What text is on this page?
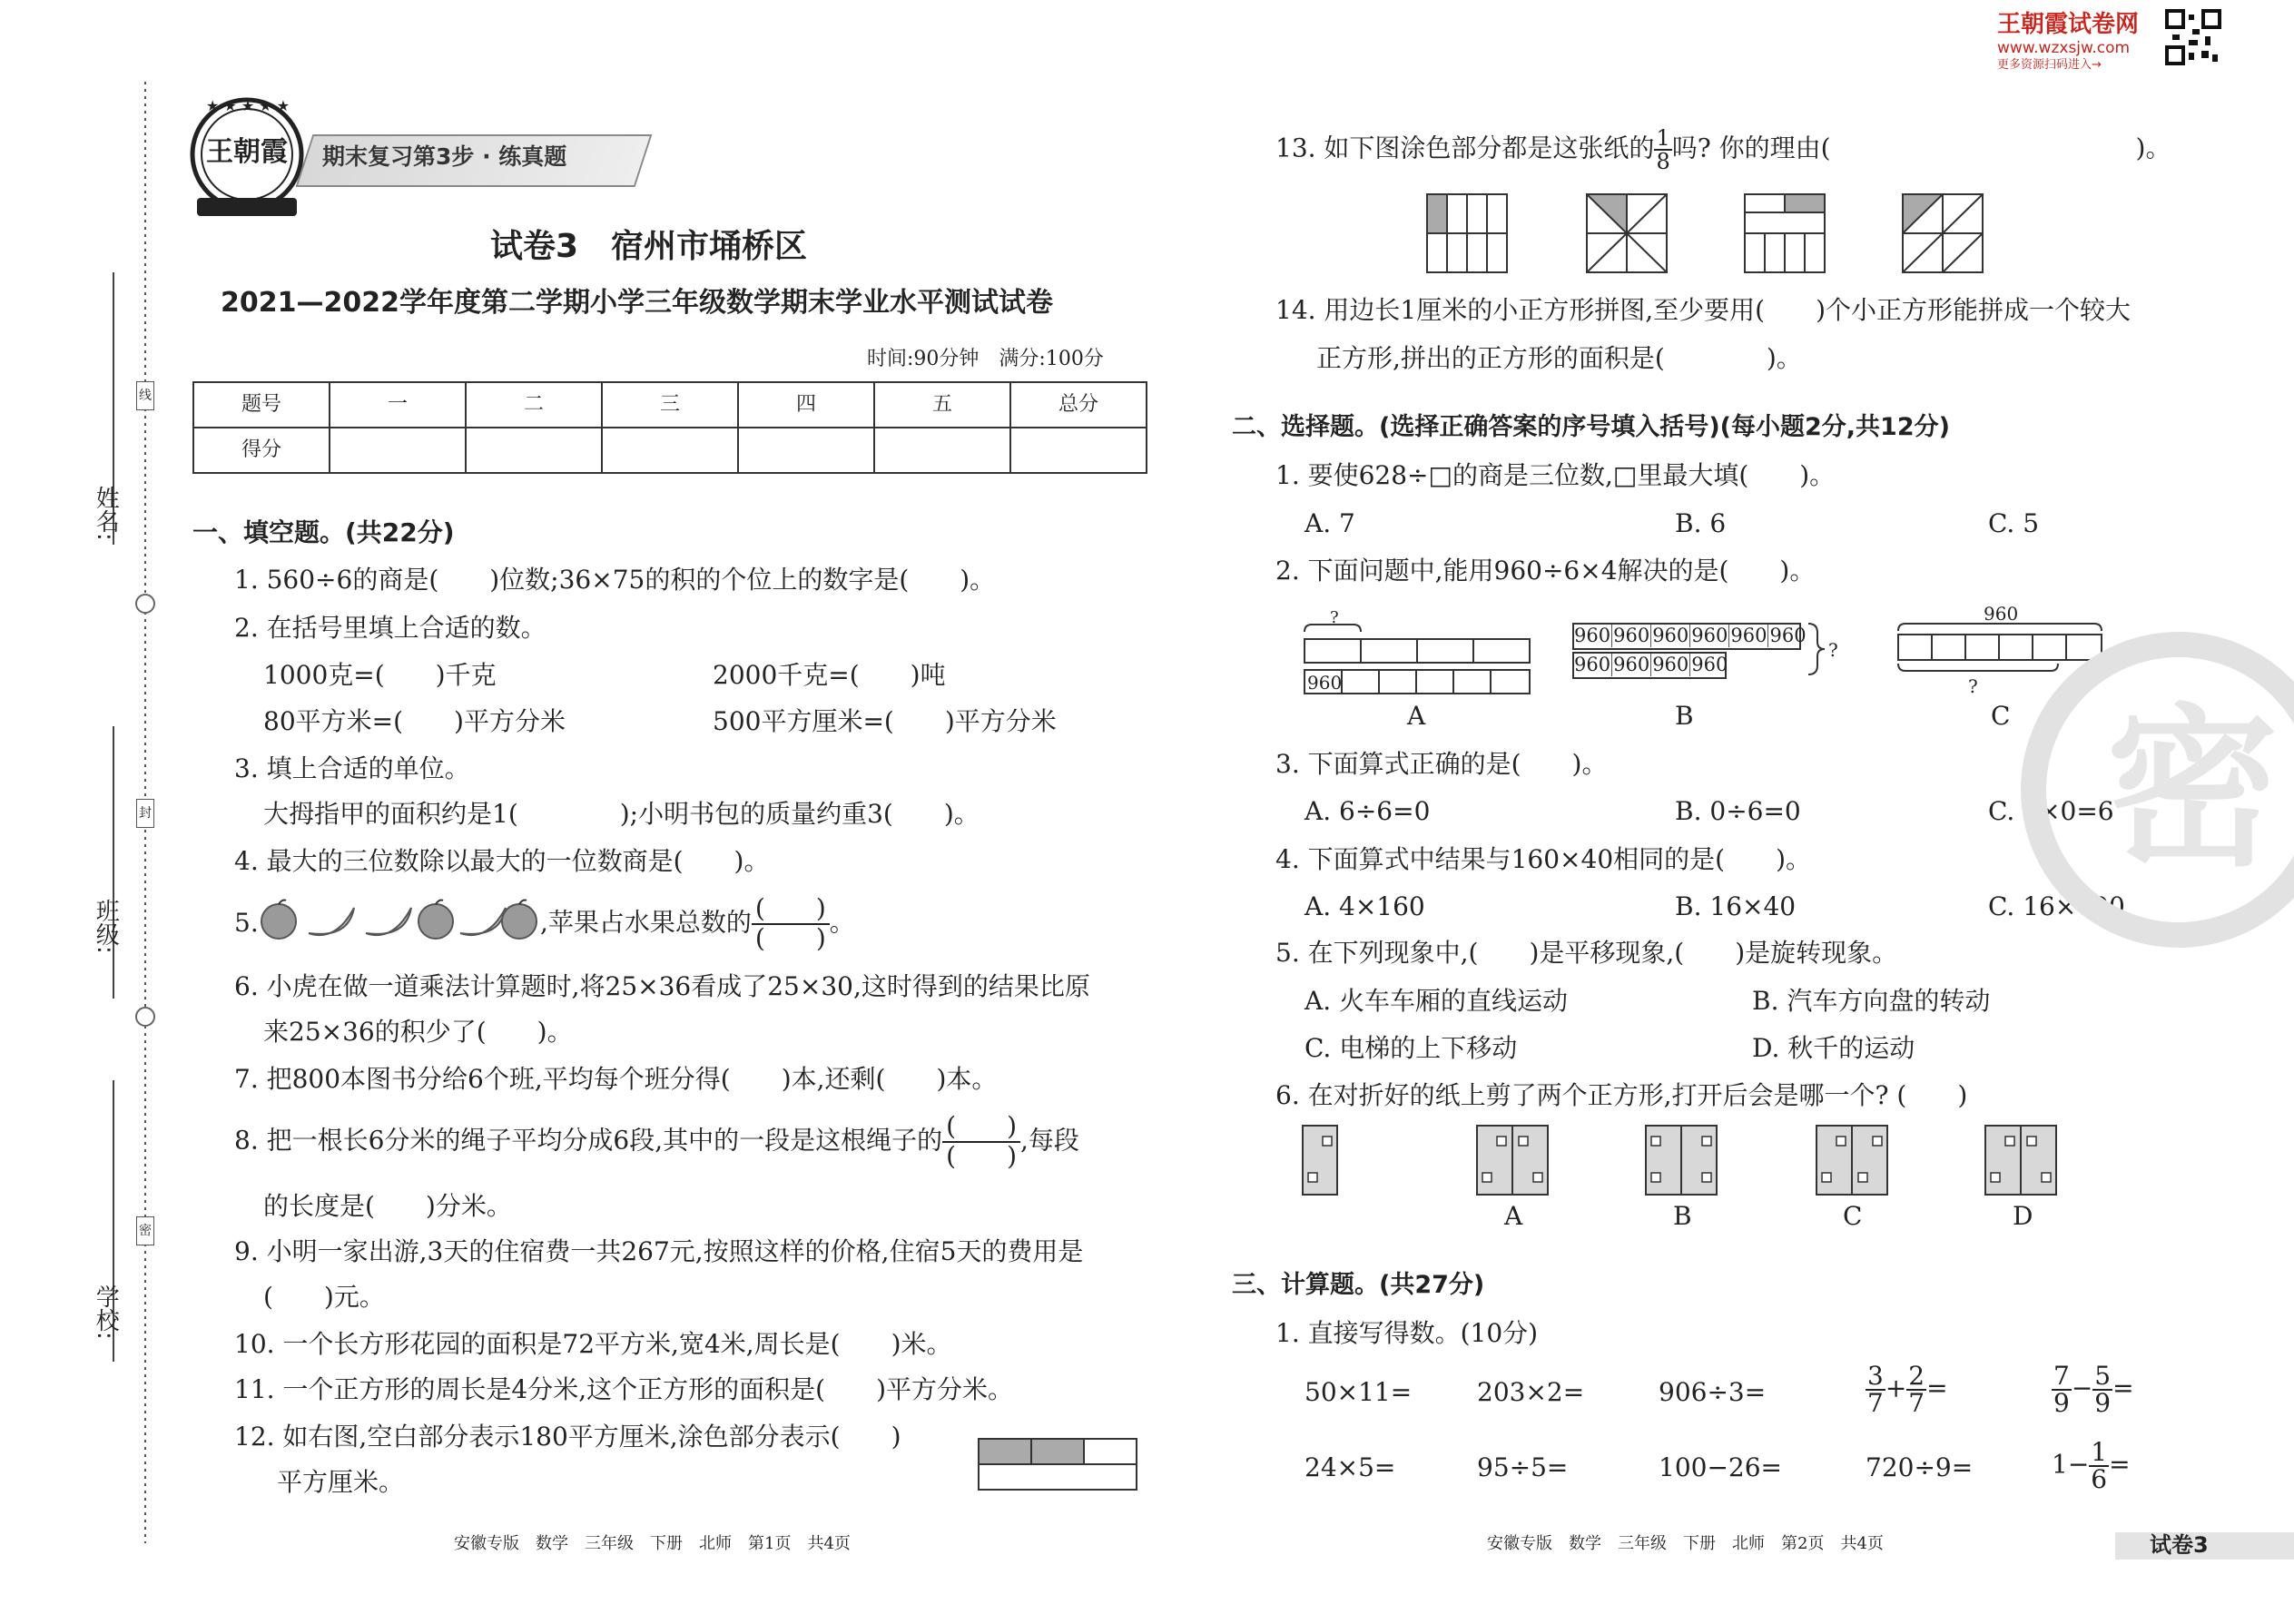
姓名:
班级:
学校:
线
封
密
★ ★ ★ ★ ★
王朝霞 期末复习第3步 · 练真题
试卷3　宿州市埇桥区
2021—2022学年度第二学期小学三年级数学期末学业水平测试试卷
时间:90分钟　满分:100分
题号	一	二	三	四	五	总分
得分						
一、填空题。(共22分)
1. 560÷6的商是(　　)位数;36×75的积的个位上的数字是(　　)。
2. 在括号里填上合适的数。
1000克=(　　)千克	2000千克=(　　)吨
80平方米=(　　)平方分米	500平方厘米=(　　)平方分米
3. 填上合适的单位。
大拇指甲的面积约是1(　　　　);小明书包的质量约重3(　　)。
4. 最大的三位数除以最大的一位数商是(　　)。
5.	,苹果占水果总数的 (　　)
(　　)
。
6. 小虎在做一道乘法计算题时,将25×36看成了25×30,这时得到的结果比原
来25×36的积少了(　　)。
7. 把800本图书分给6个班,平均每个班分得(　　)本,还剩(　　)本。
8. 把一根长6分米的绳子平均分成6段,其中的一段是这根绳子的 (　　)
(　　)
,每段
的长度是(　　)分米。
9. 小明一家出游,3天的住宿费一共267元,按照这样的价格,住宿5天的费用是
(　　)元。
10. 一个长方形花园的面积是72平方米,宽4米,周长是(　　)米。
11. 一个正方形的周长是4分米,这个正方形的面积是(　　)平方分米。
12. 如右图,空白部分表示180平方厘米,涂色部分表示(　　)
平方厘米。
安徽专版　数学　三年级　下册　北师　第1页　共4页
王朝霞试卷网
www.wzxsjw.com
更多资源扫码进入→
13. 如下图涂色部分都是这张纸的 $\frac{1}{8}$ 吗? 你的理由(　　　　　　　　　　　　)。
14. 用边长1厘米的小正方形拼图,至少要用(　　)个小正方形能拼成一个较大
正方形,拼出的正方形的面积是(　　　　)。
二、选择题。(选择正确答案的序号填入括号)(每小题2分,共12分)
1. 要使628÷□的商是三位数,□里最大填(　　)。
A. 7	B. 6	C. 5
2. 下面问题中,能用960÷6×4解决的是(　　)。
?
960
A
?
960 960 960 960 960 960
960 960 960 960
B
960
?
C
3. 下面算式正确的是(　　)。
A. 6÷6=0	B. 0÷6=0	C. 6×0=6
4. 下面算式中结果与160×40相同的是(　　)。
A. 4×160	B. 16×40	C. 16×400
5. 在下列现象中,(　　)是平移现象,(　　)是旋转现象。
A. 火车车厢的直线运动	B. 汽车方向盘的转动
C. 电梯的上下移动	D. 秋千的运动
6. 在对折好的纸上剪了两个正方形,打开后会是哪一个? (　　)
A	B	C	D
三、计算题。(共27分)
1. 直接写得数。(10分)
50×11=	203×2=	906÷3=	$\frac{3}{7} + \frac{2}{7}$ =	$\frac{7}{9} - \frac{5}{9}$ =
24×5=	95÷5=	100−26=	720÷9=	$1- \frac{1}{6}$ =
密
安徽专版　数学　三年级　下册　北师　第2页　共4页	试卷3
